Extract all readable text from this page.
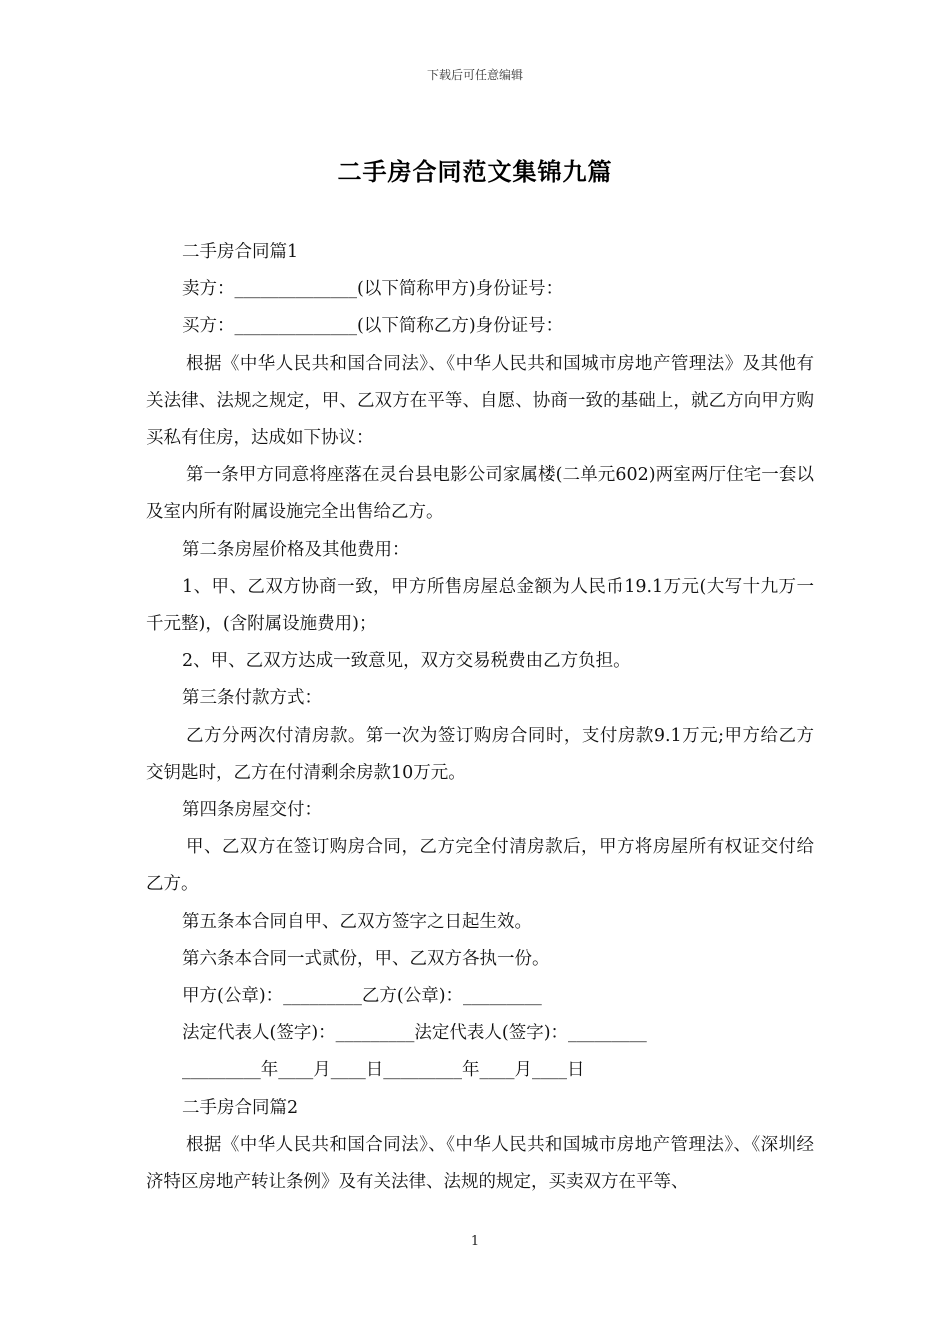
下载后可任意编辑
二手房合同范文集锦九篇

二手房合同篇1

卖方：______________(以下简称甲方)身份证号：

买方：______________(以下简称乙方)身份证号：

根据《中华人民共和国合同法》、《中华人民共和国城市房地产管理法》及其他有关法律、法规之规定，甲、乙双方在平等、自愿、协商一致的基础上，就乙方向甲方购买私有住房，达成如下协议：

第一条甲方同意将座落在灵台县电影公司家属楼(二单元602)两室两厅住宅一套以及室内所有附属设施完全出售给乙方。

第二条房屋价格及其他费用：

1、甲、乙双方协商一致，甲方所售房屋总金额为人民币19.1万元(大写十九万一千元整)，(含附属设施费用)；

2、甲、乙双方达成一致意见，双方交易税费由乙方负担。

第三条付款方式：

乙方分两次付清房款。第一次为签订购房合同时，支付房款9.1万元;甲方给乙方交钥匙时，乙方在付清剩余房款10万元。

第四条房屋交付：

甲、乙双方在签订购房合同，乙方完全付清房款后，甲方将房屋所有权证交付给乙方。

第五条本合同自甲、乙双方签字之日起生效。

第六条本合同一式贰份，甲、乙双方各执一份。

甲方(公章)：_________乙方(公章)：_________

法定代表人(签字)：_________法定代表人(签字)：_________

_________年____月____日_________年____月____日

二手房合同篇2

根据《中华人民共和国合同法》、《中华人民共和国城市房地产管理法》、《深圳经济特区房地产转让条例》及有关法律、法规的规定，买卖双方在平等、

1
